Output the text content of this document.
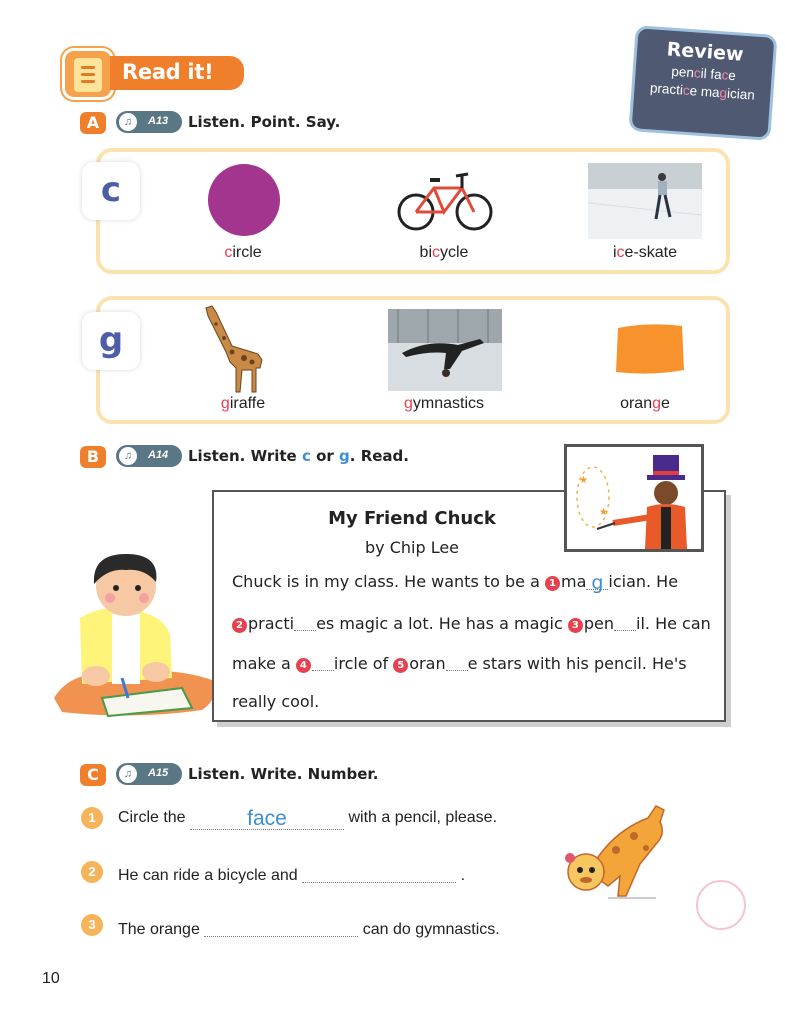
Read it!
Review
pencil face
practice magician
A	♫	A13 Listen. Point. Say.
c
circle	bicycle	ice-skate
g
giraffe	gymnastics	orange
B	♫	A14 Listen. Write c or g. Read.
My Friend Chuck
by Chip Lee
★
★
Chuck is in my class. He wants to be a 1 ma g ician. He
2 practi es magic a lot. He has a magic 3 pen il. He can
make a 4 ircle of 5 oran e stars with his pencil. He's
really cool.
C	♫	A15 Listen. Write. Number.
1	Circle the	face	with a pencil, please.
2	He can ride a bicycle and	.
3	The orange	can do gymnastics.
10
